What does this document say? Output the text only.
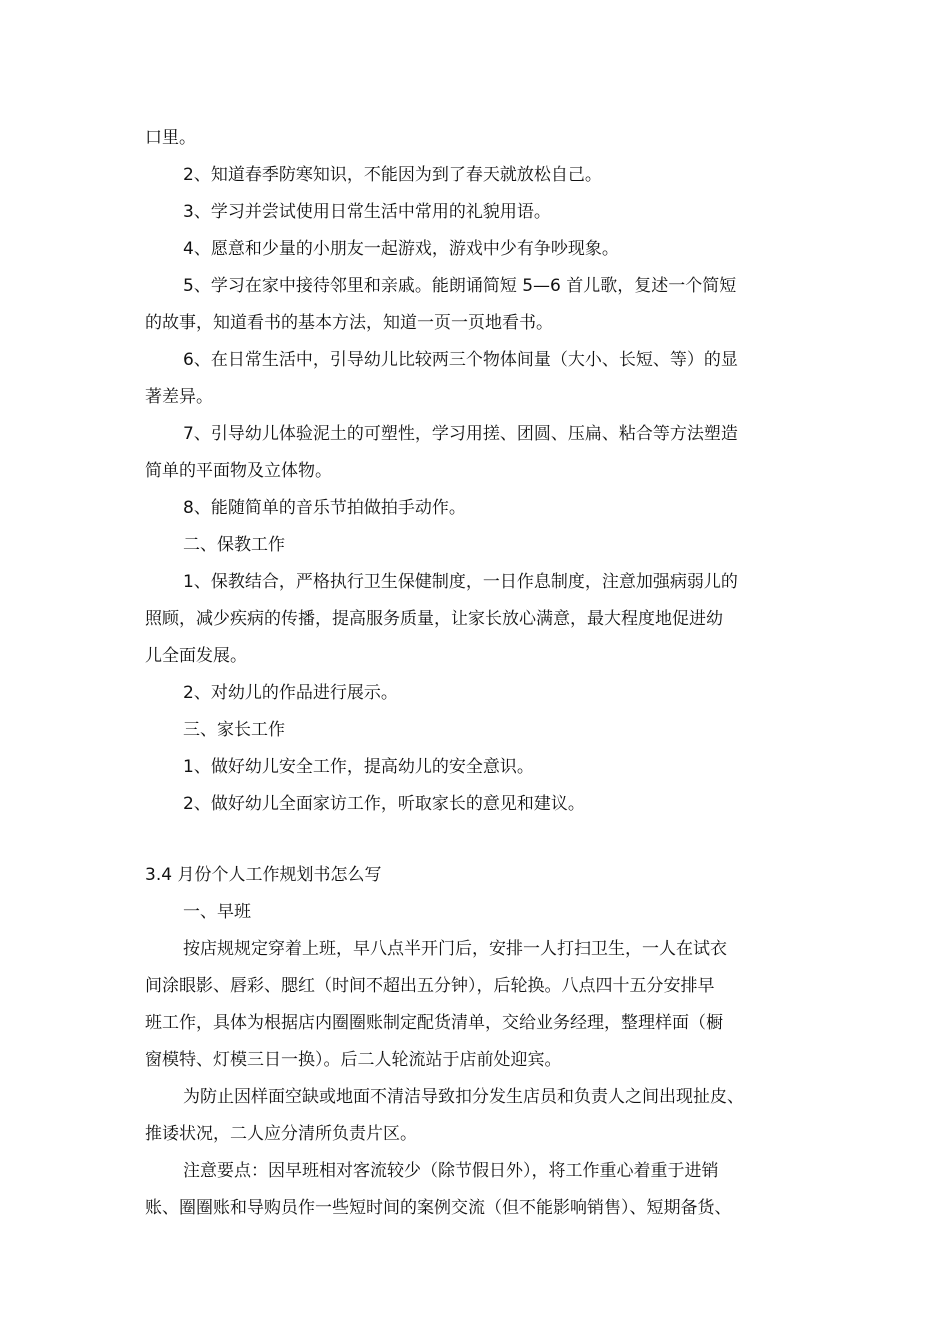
口里。
2、知道春季防寒知识，不能因为到了春天就放松自己。
3、学习并尝试使用日常生活中常用的礼貌用语。
4、愿意和少量的小朋友一起游戏，游戏中少有争吵现象。
5、学习在家中接待邻里和亲戚。能朗诵简短 5—6 首儿歌，复述一个简短
的故事，知道看书的基本方法，知道一页一页地看书。
6、在日常生活中，引导幼儿比较两三个物体间量（大小、长短、等）的显
著差异。
7、引导幼儿体验泥土的可塑性，学习用搓、团圆、压扁、粘合等方法塑造
简单的平面物及立体物。
8、能随简单的音乐节拍做拍手动作。
二、保教工作
1、保教结合，严格执行卫生保健制度，一日作息制度，注意加强病弱儿的
照顾，减少疾病的传播，提高服务质量，让家长放心满意，最大程度地促进幼
儿全面发展。
2、对幼儿的作品进行展示。
三、家长工作
1、做好幼儿安全工作，提高幼儿的安全意识。
2、做好幼儿全面家访工作，听取家长的意见和建议。
3.4 月份个人工作规划书怎么写
一、早班
按店规规定穿着上班，早八点半开门后，安排一人打扫卫生，一人在试衣
间涂眼影、唇彩、腮红（时间不超出五分钟），后轮换。八点四十五分安排早
班工作，具体为根据店内圈圈账制定配货清单，交给业务经理，整理样面（橱
窗模特、灯模三日一换）。后二人轮流站于店前处迎宾。
为防止因样面空缺或地面不清洁导致扣分发生店员和负责人之间出现扯皮、
推诿状况，二人应分清所负责片区。
注意要点：因早班相对客流较少（除节假日外），将工作重心着重于进销
账、圈圈账和导购员作一些短时间的案例交流（但不能影响销售）、短期备货、
